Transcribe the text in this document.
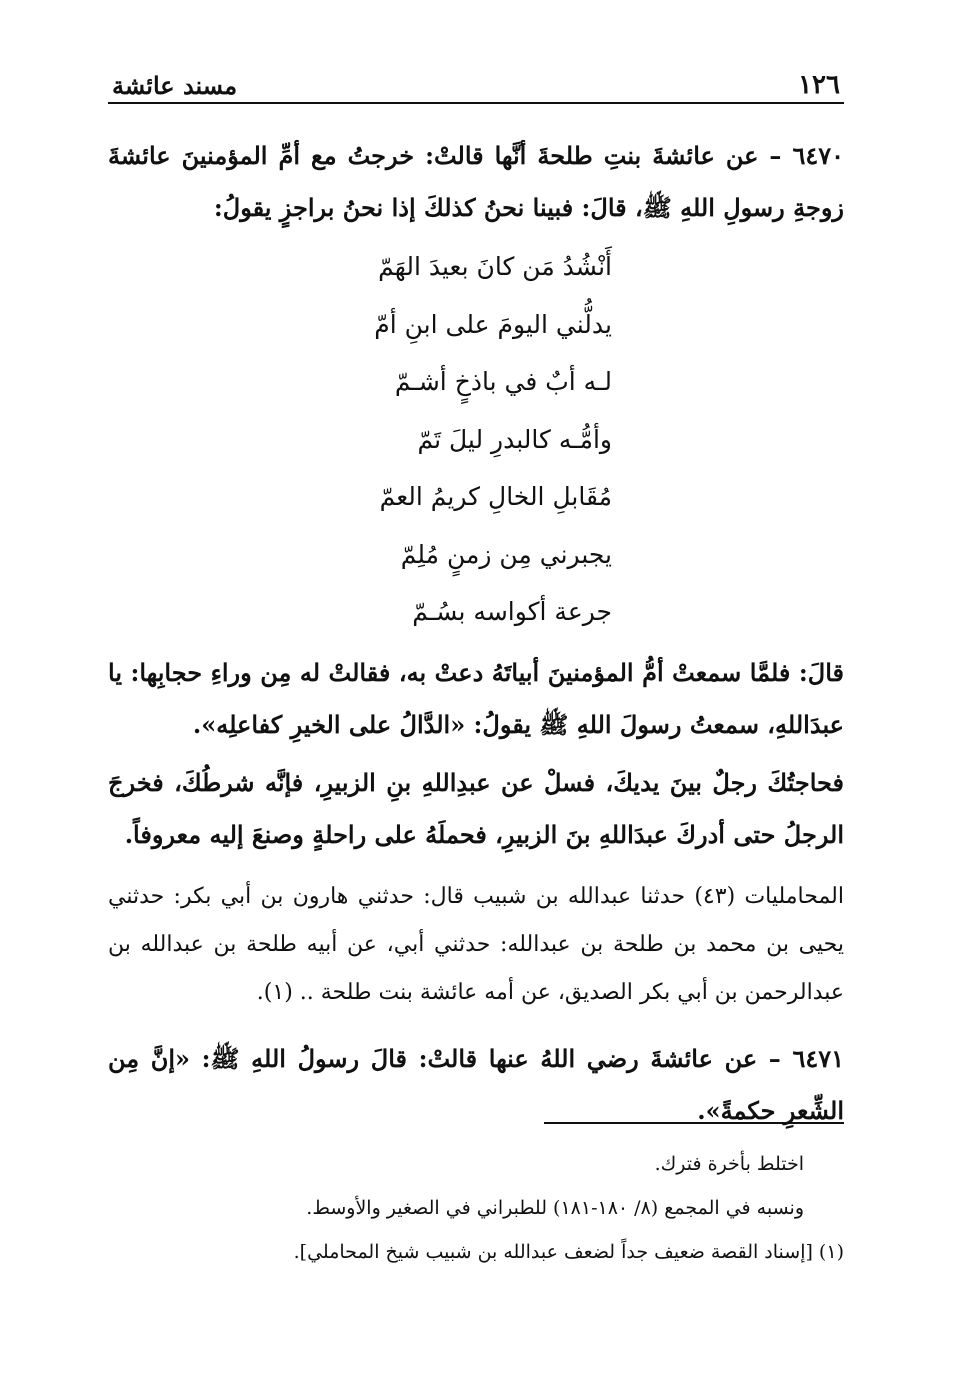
١٢٦
مسند عائشة

٦٤٧٠ – عن عائشةَ بنتِ طلحةَ أنَّها قالتْ: خرجتُ مع أمِّ المؤمنينَ عائشةَ زوجةِ رسولِ اللهِ ﷺ، قالَ: فبينا نحنُ كذلكَ إذا نحنُ براجزٍ يقولُ:

أَنْشُدُ مَن كانَ بعيدَ الهَمّ
يدلُّني اليومَ على ابنِ أمّ
لـه أبٌ في باذخٍ أشـمّ
وأمُّـه كالبدرِ ليلَ تَمّ
مُقَابلِ الخالِ كريمُ العمّ
يجبرني مِن زمنٍ مُلِمّ
جرعة أكواسه بسُـمّ

قالَ: فلمَّا سمعتْ أمُّ المؤمنينَ أبياتَهُ دعتْ به، فقالتْ له مِن وراءِ حجابِها: يا عبدَاللهِ، سمعتُ رسولَ اللهِ ﷺ يقولُ: «الدَّالُ على الخيرِ كفاعلِه».

فحاجتُكَ رجلٌ بينَ يديكَ، فسلْ عن عبدِاللهِ بنِ الزبيرِ، فإنَّه شرطُكَ، فخرجَ الرجلُ حتى أدركَ عبدَاللهِ بنَ الزبيرِ، فحملَهُ على راحلةٍ وصنعَ إليه معروفاً.

المحامليات (٤٣) حدثنا عبدالله بن شبيب قال: حدثني هارون بن أبي بكر: حدثني يحيى بن محمد بن طلحة بن عبدالله: حدثني أبي، عن أبيه طلحة بن عبدالله بن عبدالرحمن بن أبي بكر الصديق، عن أمه عائشة بنت طلحة .. (١).

٦٤٧١ – عن عائشةَ رضي اللهُ عنها قالتْ: قالَ رسولُ اللهِ ﷺ: «إنَّ مِن الشِّعرِ حكمةً».

اختلط بأخرة فترك.
ونسبه في المجمع (٨/ ١٨٠-١٨١) للطبراني في الصغير والأوسط.
(١) [إسناد القصة ضعيف جداً لضعف عبدالله بن شبيب شيخ المحاملي].
